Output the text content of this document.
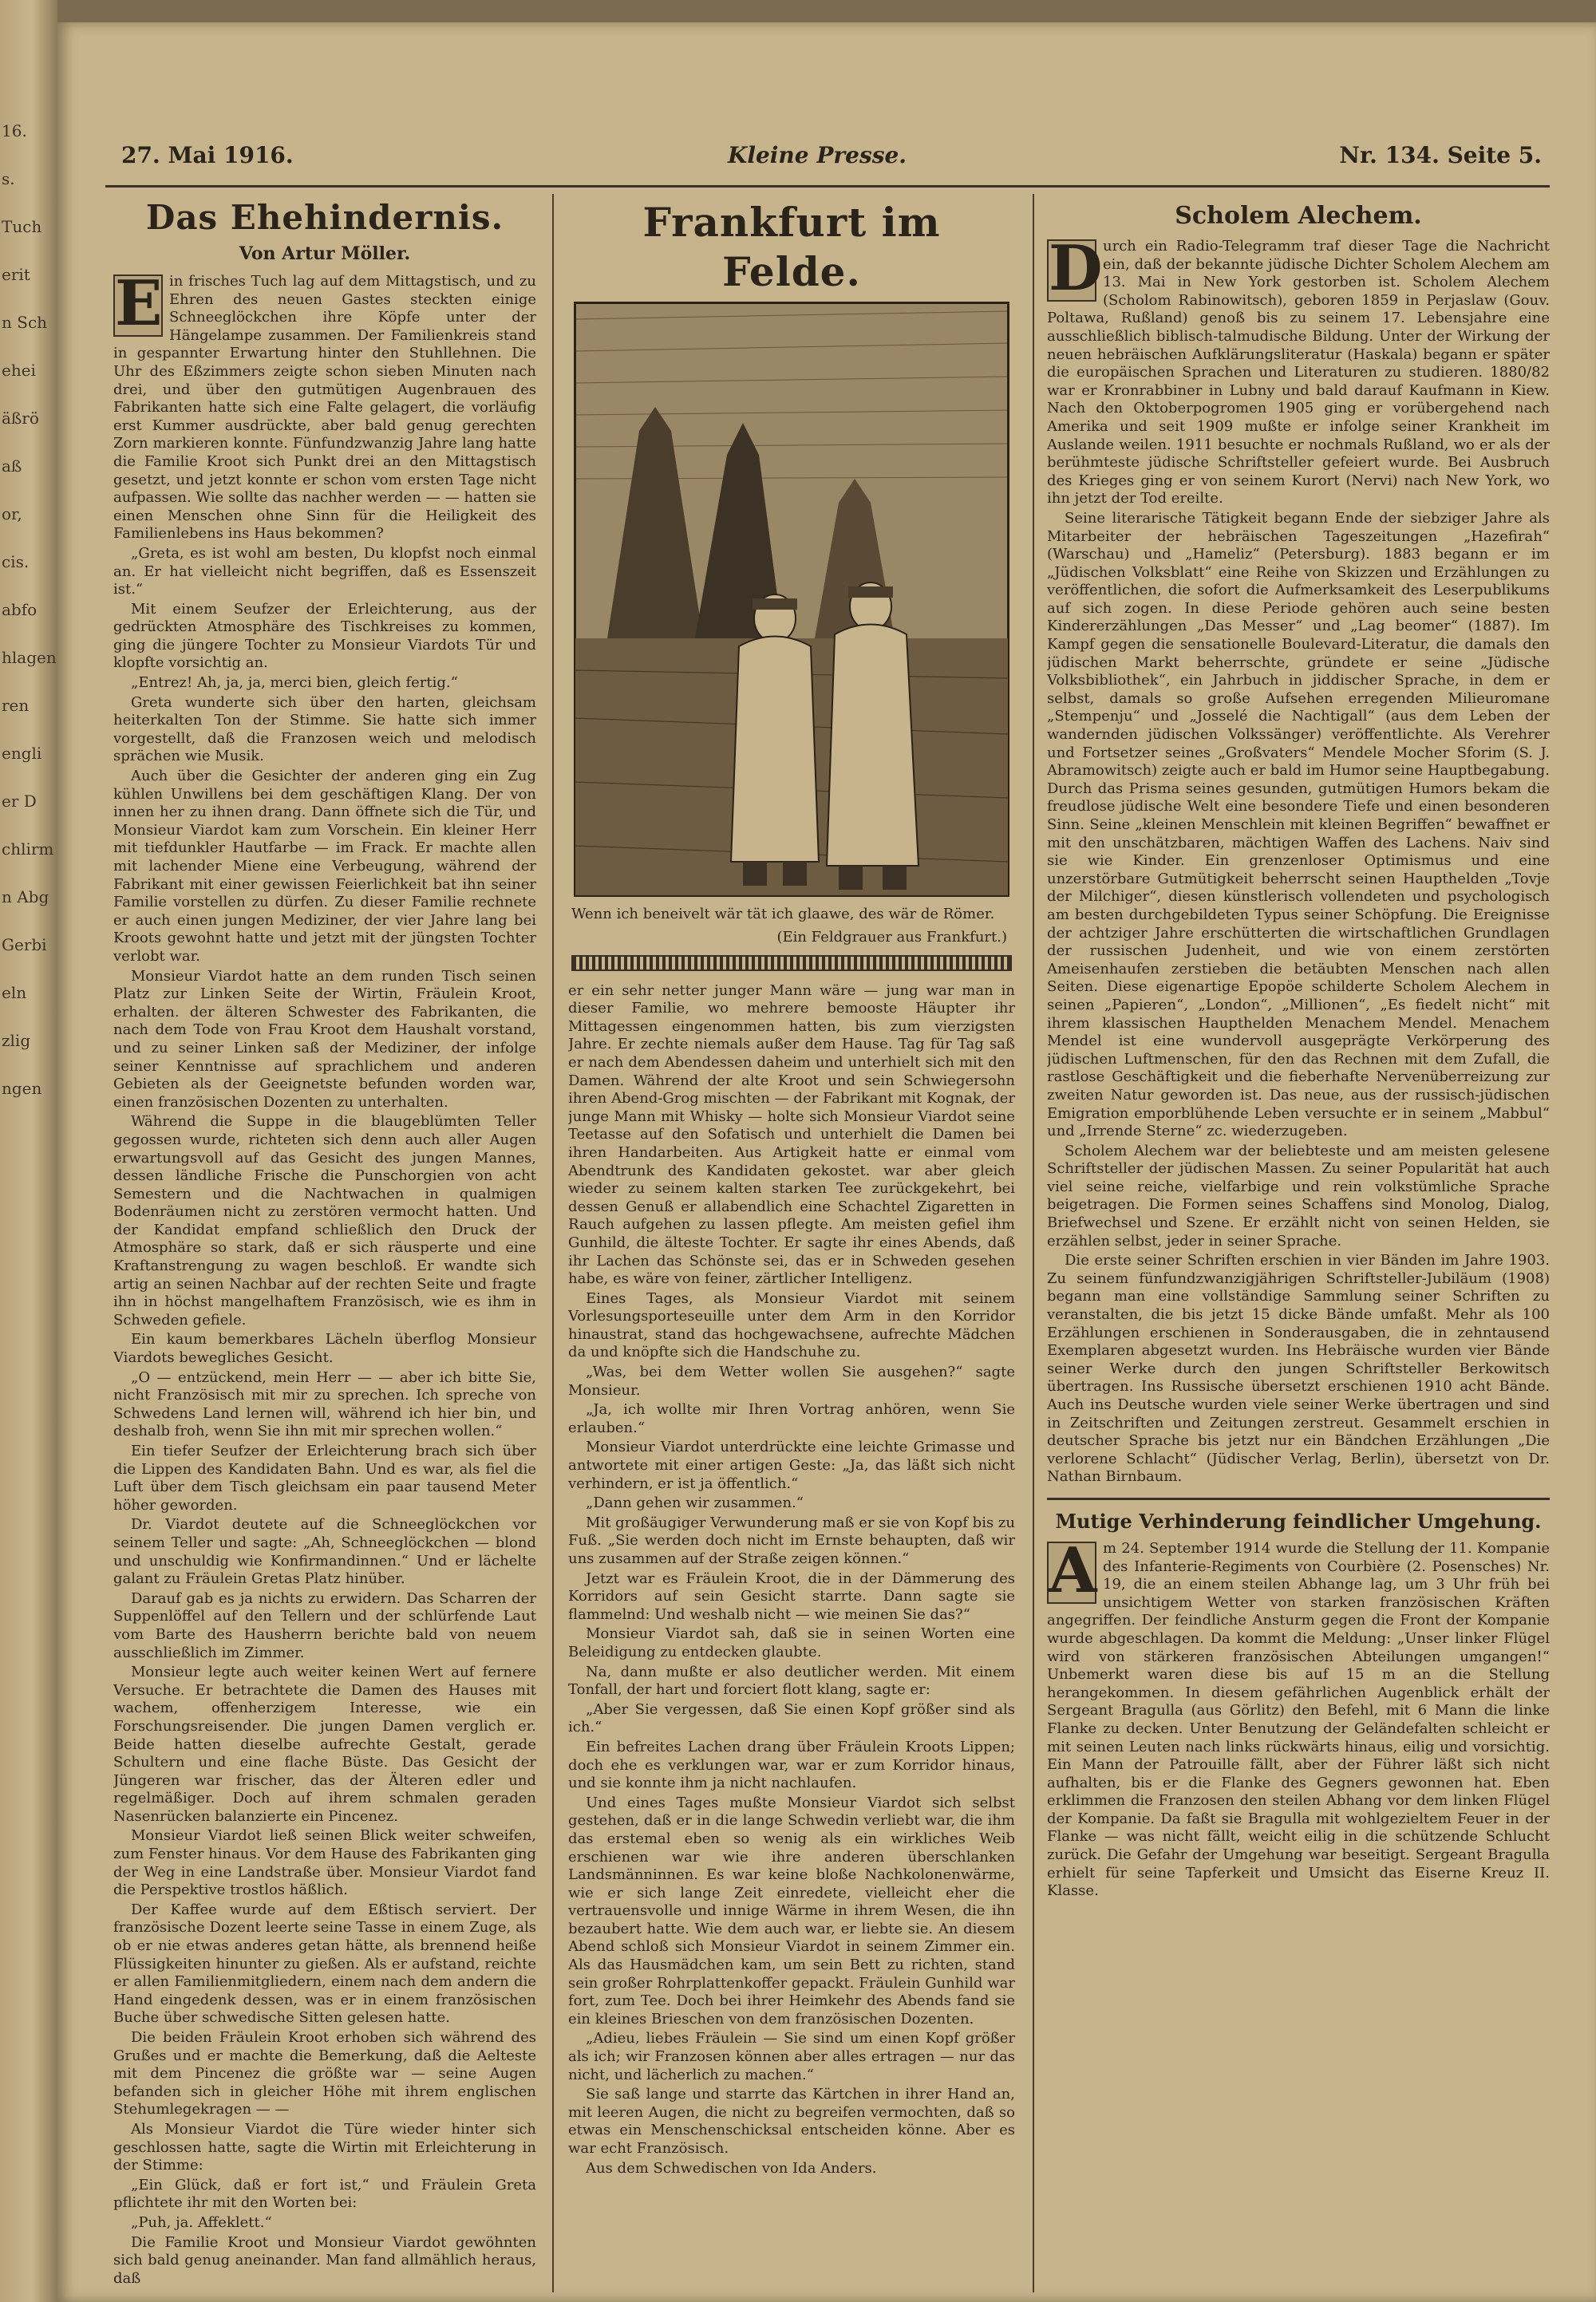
16.
s.
Tuch
erit
n Sch
ehei
äßrö
aß
or,
cis.
abfo
hlagen
ren
engli
er D
chlirm
n Abg
Gerbi
eln
zlig
ngen
27. Mai 1916.	Kleine Presse.	Nr. 134. Seite 5.
Das Ehehindernis.
Von Artur Möller.
E in frisches Tuch lag auf dem Mittagstisch, und zu Ehren des neuen Gastes steckten einige Schneeglöckchen ihre Köpfe unter der Hängelampe zusammen. Der Familienkreis stand in gespannter Erwartung hinter den Stuhllehnen. Die Uhr des Eßzimmers zeigte schon sieben Minuten nach drei, und über den gutmütigen Augenbrauen des Fabrikanten hatte sich eine Falte gelagert, die vorläufig erst Kummer ausdrückte, aber bald genug gerechten Zorn markieren konnte. Fünfundzwanzig Jahre lang hatte die Familie Kroot sich Punkt drei an den Mittagstisch gesetzt, und jetzt konnte er schon vom ersten Tage nicht aufpassen. Wie sollte das nachher werden — — hatten sie einen Menschen ohne Sinn für die Heiligkeit des Familienlebens ins Haus bekommen?

„Greta, es ist wohl am besten, Du klopfst noch einmal an. Er hat vielleicht nicht begriffen, daß es Essenszeit ist.“

Mit einem Seufzer der Erleichterung, aus der gedrückten Atmosphäre des Tischkreises zu kommen, ging die jüngere Tochter zu Monsieur Viardots Tür und klopfte vorsichtig an.

„Entrez! Ah, ja, ja, merci bien, gleich fertig.“

Greta wunderte sich über den harten, gleichsam heiterkalten Ton der Stimme. Sie hatte sich immer vorgestellt, daß die Franzosen weich und melodisch sprächen wie Musik.

Auch über die Gesichter der anderen ging ein Zug kühlen Unwillens bei dem geschäftigen Klang. Der von innen her zu ihnen drang. Dann öffnete sich die Tür, und Monsieur Viardot kam zum Vorschein. Ein kleiner Herr mit tiefdunkler Hautfarbe — im Frack. Er machte allen mit lachender Miene eine Verbeugung, während der Fabrikant mit einer gewissen Feierlichkeit bat ihn seiner Familie vorstellen zu dürfen. Zu dieser Familie rechnete er auch einen jungen Mediziner, der vier Jahre lang bei Kroots gewohnt hatte und jetzt mit der jüngsten Tochter verlobt war.

Monsieur Viardot hatte an dem runden Tisch seinen Platz zur Linken Seite der Wirtin, Fräulein Kroot, erhalten. der älteren Schwester des Fabrikanten, die nach dem Tode von Frau Kroot dem Haushalt vorstand, und zu seiner Linken saß der Mediziner, der infolge seiner Kenntnisse auf sprachlichem und anderen Gebieten als der Geeignetste befunden worden war, einen französischen Dozenten zu unterhalten.

Während die Suppe in die blaugeblümten Teller gegossen wurde, richteten sich denn auch aller Augen erwartungsvoll auf das Gesicht des jungen Mannes, dessen ländliche Frische die Punschorgien von acht Semestern und die Nachtwachen in qualmigen Bodenräumen nicht zu zerstören vermocht hatten. Und der Kandidat empfand schließlich den Druck der Atmosphäre so stark, daß er sich räusperte und eine Kraftanstrengung zu wagen beschloß. Er wandte sich artig an seinen Nachbar auf der rechten Seite und fragte ihn in höchst mangelhaftem Französisch, wie es ihm in Schweden gefiele.

Ein kaum bemerkbares Lächeln überflog Monsieur Viardots bewegliches Gesicht.

„O — entzückend, mein Herr — — aber ich bitte Sie, nicht Französisch mit mir zu sprechen. Ich spreche von Schwedens Land lernen will, während ich hier bin, und deshalb froh, wenn Sie ihn mit mir sprechen wollen.“

Ein tiefer Seufzer der Erleichterung brach sich über die Lippen des Kandidaten Bahn. Und es war, als fiel die Luft über dem Tisch gleichsam ein paar tausend Meter höher geworden.

Dr. Viardot deutete auf die Schneeglöckchen vor seinem Teller und sagte: „Ah, Schneeglöckchen — blond und unschuldig wie Konfirmandinnen.“ Und er lächelte galant zu Fräulein Gretas Platz hinüber.

Darauf gab es ja nichts zu erwidern. Das Scharren der Suppenlöffel auf den Tellern und der schlürfende Laut vom Barte des Hausherrn berichte bald von neuem ausschließlich im Zimmer.

Monsieur legte auch weiter keinen Wert auf fernere Versuche. Er betrachtete die Damen des Hauses mit wachem, offenherzigem Interesse, wie ein Forschungsreisender. Die jungen Damen verglich er. Beide hatten dieselbe aufrechte Gestalt, gerade Schultern und eine flache Büste. Das Gesicht der Jüngeren war frischer, das der Älteren edler und regelmäßiger. Doch auf ihrem schmalen geraden Nasenrücken balanzierte ein Pincenez.

Monsieur Viardot ließ seinen Blick weiter schweifen, zum Fenster hinaus. Vor dem Hause des Fabrikanten ging der Weg in eine Landstraße über. Monsieur Viardot fand die Perspektive trostlos häßlich.

Der Kaffee wurde auf dem Eßtisch serviert. Der französische Dozent leerte seine Tasse in einem Zuge, als ob er nie etwas anderes getan hätte, als brennend heiße Flüssigkeiten hinunter zu gießen. Als er aufstand, reichte er allen Familienmitgliedern, einem nach dem andern die Hand eingedenk dessen, was er in einem französischen Buche über schwedische Sitten gelesen hatte.

Die beiden Fräulein Kroot erhoben sich während des Grußes und er machte die Bemerkung, daß die Aelteste mit dem Pincenez die größte war — seine Augen befanden sich in gleicher Höhe mit ihrem englischen Stehumlegekragen — —

Als Monsieur Viardot die Türe wieder hinter sich geschlossen hatte, sagte die Wirtin mit Erleichterung in der Stimme:

„Ein Glück, daß er fort ist,“ und Fräulein Greta pflichtete ihr mit den Worten bei:

„Puh, ja. Affeklett.“

Die Familie Kroot und Monsieur Viardot gewöhnten sich bald genug aneinander. Man fand allmählich heraus, daß

Frankfurt im Felde.

Wenn ich beneivelt wär tät ich glaawe, des wär de Römer.

(Ein Feldgrauer aus Frankfurt.)

er ein sehr netter junger Mann wäre — jung war man in dieser Familie, wo mehrere bemooste Häupter ihr Mittagessen eingenommen hatten, bis zum vierzigsten Jahre. Er zechte niemals außer dem Hause. Tag für Tag saß er nach dem Abendessen daheim und unterhielt sich mit den Damen. Während der alte Kroot und sein Schwiegersohn ihren Abend-Grog mischten — der Fabrikant mit Kognak, der junge Mann mit Whisky — holte sich Monsieur Viardot seine Teetasse auf den Sofatisch und unterhielt die Damen bei ihren Handarbeiten. Aus Artigkeit hatte er einmal vom Abendtrunk des Kandidaten gekostet. war aber gleich wieder zu seinem kalten starken Tee zurückgekehrt, bei dessen Genuß er allabendlich eine Schachtel Zigaretten in Rauch aufgehen zu lassen pflegte. Am meisten gefiel ihm Gunhild, die älteste Tochter. Er sagte ihr eines Abends, daß ihr Lachen das Schönste sei, das er in Schweden gesehen habe, es wäre von feiner, zärtlicher Intelligenz.

Eines Tages, als Monsieur Viardot mit seinem Vorlesungsporteseuille unter dem Arm in den Korridor hinaustrat, stand das hochgewachsene, aufrechte Mädchen da und knöpfte sich die Handschuhe zu.

„Was, bei dem Wetter wollen Sie ausgehen?“ sagte Monsieur.

„Ja, ich wollte mir Ihren Vortrag anhören, wenn Sie erlauben.“

Monsieur Viardot unterdrückte eine leichte Grimasse und antwortete mit einer artigen Geste: „Ja, das läßt sich nicht verhindern, er ist ja öffentlich.“

„Dann gehen wir zusammen.“

Mit großäugiger Verwunderung maß er sie von Kopf bis zu Fuß. „Sie werden doch nicht im Ernste behaupten, daß wir uns zusammen auf der Straße zeigen können.“

Jetzt war es Fräulein Kroot, die in der Dämmerung des Korridors auf sein Gesicht starrte. Dann sagte sie flammelnd: Und weshalb nicht — wie meinen Sie das?“

Monsieur Viardot sah, daß sie in seinen Worten eine Beleidigung zu entdecken glaubte.

Na, dann mußte er also deutlicher werden. Mit einem Tonfall, der hart und forciert flott klang, sagte er:

„Aber Sie vergessen, daß Sie einen Kopf größer sind als ich.“

Ein befreites Lachen drang über Fräulein Kroots Lippen; doch ehe es verklungen war, war er zum Korridor hinaus, und sie konnte ihm ja nicht nachlaufen.

Und eines Tages mußte Monsieur Viardot sich selbst gestehen, daß er in die lange Schwedin verliebt war, die ihm das erstemal eben so wenig als ein wirkliches Weib erschienen war wie ihre anderen überschlanken Landsmänninnen. Es war keine bloße Nachkolonenwärme, wie er sich lange Zeit einredete, vielleicht eher die vertrauensvolle und innige Wärme in ihrem Wesen, die ihn bezaubert hatte. Wie dem auch war, er liebte sie. An diesem Abend schloß sich Monsieur Viardot in seinem Zimmer ein. Als das Hausmädchen kam, um sein Bett zu richten, stand sein großer Rohrplattenkoffer gepackt. Fräulein Gunhild war fort, zum Tee. Doch bei ihrer Heimkehr des Abends fand sie ein kleines Brieschen von dem französischen Dozenten.

„Adieu, liebes Fräulein — Sie sind um einen Kopf größer als ich; wir Franzosen können aber alles ertragen — nur das nicht, und lächerlich zu machen.“

Sie saß lange und starrte das Kärtchen in ihrer Hand an, mit leeren Augen, die nicht zu begreifen vermochten, daß so etwas ein Menschenschicksal entscheiden könne. Aber es war echt Französisch.

Aus dem Schwedischen von Ida Anders.

Scholem Alechem.
D urch ein Radio-Telegramm traf dieser Tage die Nachricht ein, daß der bekannte jüdische Dichter Scholem Alechem am 13. Mai in New York gestorben ist. Scholem Alechem (Scholom Rabinowitsch), geboren 1859 in Perjaslaw (Gouv. Poltawa, Rußland) genoß bis zu seinem 17. Lebensjahre eine ausschließlich biblisch-talmudische Bildung. Unter der Wirkung der neuen hebräischen Aufklärungsliteratur (Haskala) begann er später die europäischen Sprachen und Literaturen zu studieren. 1880/82 war er Kronrabbiner in Lubny und bald darauf Kaufmann in Kiew. Nach den Oktoberpogromen 1905 ging er vorübergehend nach Amerika und seit 1909 mußte er infolge seiner Krankheit im Auslande weilen. 1911 besuchte er nochmals Rußland, wo er als der berühmteste jüdische Schriftsteller gefeiert wurde. Bei Ausbruch des Krieges ging er von seinem Kurort (Nervi) nach New York, wo ihn jetzt der Tod ereilte.

Seine literarische Tätigkeit begann Ende der siebziger Jahre als Mitarbeiter der hebräischen Tageszeitungen „Hazefirah“ (Warschau) und „Hameliz“ (Petersburg). 1883 begann er im „Jüdischen Volksblatt“ eine Reihe von Skizzen und Erzählungen zu veröffentlichen, die sofort die Aufmerksamkeit des Leserpublikums auf sich zogen. In diese Periode gehören auch seine besten Kindererzählungen „Das Messer“ und „Lag beomer“ (1887). Im Kampf gegen die sensationelle Boulevard-Literatur, die damals den jüdischen Markt beherrschte, gründete er seine „Jüdische Volksbibliothek“, ein Jahrbuch in jiddischer Sprache, in dem er selbst, damals so große Aufsehen erregenden Milieuromane „Stempenju“ und „Josselé die Nachtigall“ (aus dem Leben der wandernden jüdischen Volkssänger) veröffentlichte. Als Verehrer und Fortsetzer seines „Großvaters“ Mendele Mocher Sforim (S. J. Abramowitsch) zeigte auch er bald im Humor seine Hauptbegabung. Durch das Prisma seines gesunden, gutmütigen Humors bekam die freudlose jüdische Welt eine besondere Tiefe und einen besonderen Sinn. Seine „kleinen Menschlein mit kleinen Begriffen“ bewaffnet er mit den unschätzbaren, mächtigen Waffen des Lachens. Naiv sind sie wie Kinder. Ein grenzenloser Optimismus und eine unzerstörbare Gutmütigkeit beherrscht seinen Haupthelden „Tovje der Milchiger“, diesen künstlerisch vollendeten und psychologisch am besten durchgebildeten Typus seiner Schöpfung. Die Ereignisse der achtziger Jahre erschütterten die wirtschaftlichen Grundlagen der russischen Judenheit, und wie von einem zerstörten Ameisenhaufen zerstieben die betäubten Menschen nach allen Seiten. Diese eigenartige Epopöe schilderte Scholem Alechem in seinen „Papieren“, „London“, „Millionen“, „Es fiedelt nicht“ mit ihrem klassischen Haupthelden Menachem Mendel. Menachem Mendel ist eine wundervoll ausgeprägte Verkörperung des jüdischen Luftmenschen, für den das Rechnen mit dem Zufall, die rastlose Geschäftigkeit und die fieberhafte Nervenüberreizung zur zweiten Natur geworden ist. Das neue, aus der russisch-jüdischen Emigration emporblühende Leben versuchte er in seinem „Mabbul“ und „Irrende Sterne“ zc. wiederzugeben.

Scholem Alechem war der beliebteste und am meisten gelesene Schriftsteller der jüdischen Massen. Zu seiner Popularität hat auch viel seine reiche, vielfarbige und rein volkstümliche Sprache beigetragen. Die Formen seines Schaffens sind Monolog, Dialog, Briefwechsel und Szene. Er erzählt nicht von seinen Helden, sie erzählen selbst, jeder in seiner Sprache.

Die erste seiner Schriften erschien in vier Bänden im Jahre 1903. Zu seinem fünfundzwanzigjährigen Schriftsteller-Jubiläum (1908) begann man eine vollständige Sammlung seiner Schriften zu veranstalten, die bis jetzt 15 dicke Bände umfaßt. Mehr als 100 Erzählungen erschienen in Sonderausgaben, die in zehntausend Exemplaren abgesetzt wurden. Ins Hebräische wurden vier Bände seiner Werke durch den jungen Schriftsteller Berkowitsch übertragen. Ins Russische übersetzt erschienen 1910 acht Bände. Auch ins Deutsche wurden viele seiner Werke übertragen und sind in Zeitschriften und Zeitungen zerstreut. Gesammelt erschien in deutscher Sprache bis jetzt nur ein Bändchen Erzählungen „Die verlorene Schlacht“ (Jüdischer Verlag, Berlin), übersetzt von Dr. Nathan Birnbaum.

Mutige Verhinderung feindlicher Umgehung.
A m 24. September 1914 wurde die Stellung der 11. Kompanie des Infanterie-Regiments von Courbière (2. Posensches) Nr. 19, die an einem steilen Abhange lag, um 3 Uhr früh bei unsichtigem Wetter von starken französischen Kräften angegriffen. Der feindliche Ansturm gegen die Front der Kompanie wurde abgeschlagen. Da kommt die Meldung: „Unser linker Flügel wird von stärkeren französischen Abteilungen umgangen!“ Unbemerkt waren diese bis auf 15 m an die Stellung herangekommen. In diesem gefährlichen Augenblick erhält der Sergeant Bragulla (aus Görlitz) den Befehl, mit 6 Mann die linke Flanke zu decken. Unter Benutzung der Geländefalten schleicht er mit seinen Leuten nach links rückwärts hinaus, eilig und vorsichtig. Ein Mann der Patrouille fällt, aber der Führer läßt sich nicht aufhalten, bis er die Flanke des Gegners gewonnen hat. Eben erklimmen die Franzosen den steilen Abhang vor dem linken Flügel der Kompanie. Da faßt sie Bragulla mit wohlgezieltem Feuer in der Flanke — was nicht fällt, weicht eilig in die schützende Schlucht zurück. Die Gefahr der Umgehung war beseitigt. Sergeant Bragulla erhielt für seine Tapferkeit und Umsicht das Eiserne Kreuz II. Klasse.
